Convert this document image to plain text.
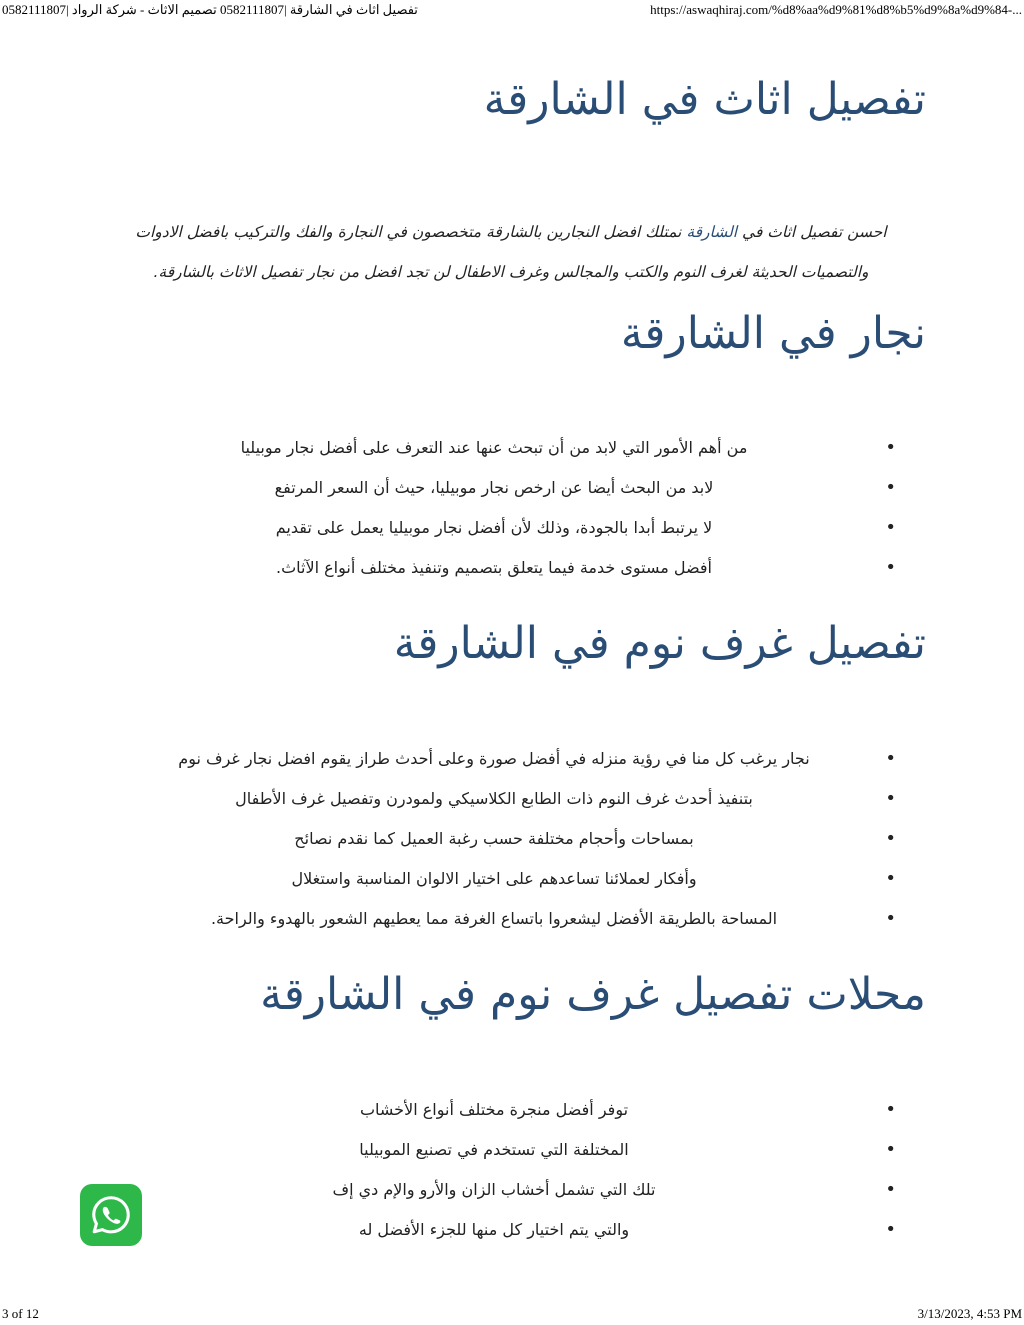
تفصيل اثاث في الشارقة |0582111807 تصميم الاثاث - شركة الرواد |0582111807	https://aswaqhiraj.com/%d8%aa%d9%81%d8%b5%d9%8a%d9%84-...
تفصيل اثاث في الشارقة

احسن تفصيل اثاث في الشارقة نمتلك افضل النجارين بالشارقة متخصصون في النجارة والفك والتركيب بافضل الادوات والتصميات الحديثة لغرف النوم والكتب والمجالس وغرف الاطفال لن تجد افضل من نجار تفصيل الاثاث بالشارقة.

نجار في الشارقة
•
من أهم الأمور التي لابد من أن تبحث عنها عند التعرف على أفضل نجار موبيليا
•
لابد من البحث أيضا عن ارخص نجار موبيليا، حيث أن السعر المرتفع
•
لا يرتبط أبدا بالجودة، وذلك لأن أفضل نجار موبيليا يعمل على تقديم
•
أفضل مستوى خدمة فيما يتعلق بتصميم وتنفيذ مختلف أنواع الآثاث.
تفصيل غرف نوم في الشارقة
•
نجار يرغب كل منا في رؤية منزله في أفضل صورة وعلى أحدث طراز يقوم افضل نجار غرف نوم
•
بتنفيذ أحدث غرف النوم ذات الطابع الكلاسيكي ولمودرن وتفصيل غرف الأطفال
•
بمساحات وأحجام مختلفة حسب رغبة العميل كما نقدم نصائح
•
وأفكار لعملائنا تساعدهم على اختيار الالوان المناسبة واستغلال
•
المساحة بالطريقة الأفضل ليشعروا باتساع الغرفة مما يعطيهم الشعور بالهدوء والراحة.
محلات تفصيل غرف نوم في الشارقة
•
توفر أفضل منجرة مختلف أنواع الأخشاب
•
المختلفة التي تستخدم في تصنيع الموبيليا
•
تلك التي تشمل أخشاب الزان والأرو والإم دي إف
•
والتي يتم اختيار كل منها للجزء الأفضل له
3 of 12	3/13/2023, 4:53 PM
